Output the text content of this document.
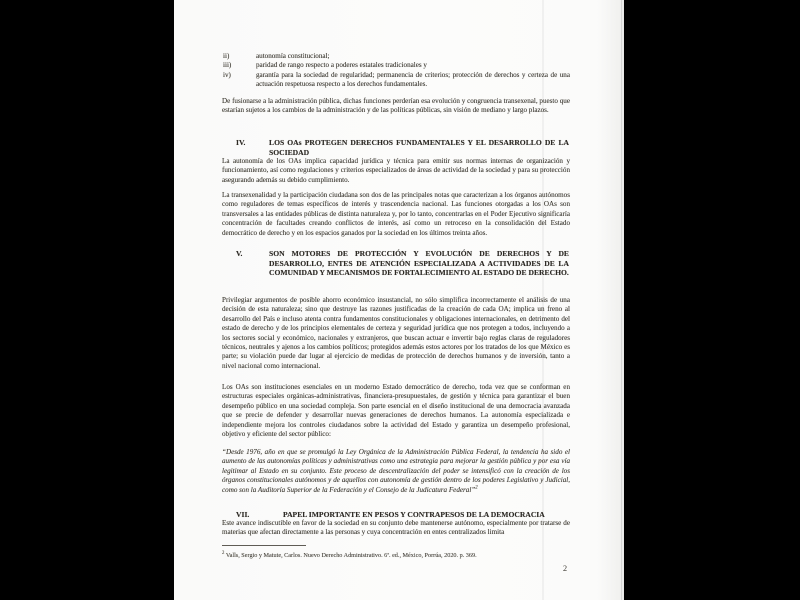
ii)	autonomía constitucional;
iii)	paridad de rango respecto a poderes estatales tradicionales y
iv)	garantía para la sociedad de regularidad; permanencia de criterios; protección de derechos y certeza de una actuación respetuosa respecto a los derechos fundamentales.
De fusionarse a la administración pública, dichas funciones perderían esa evolución y congruencia transexenal, puesto que estarían sujetos a los cambios de la administración y de las políticas públicas, sin visión de mediano y largo plazos.
IV.	LOS OAs PROTEGEN DERECHOS FUNDAMENTALES Y EL DESARROLLO DE LA SOCIEDAD
La autonomía de los OAs implica capacidad jurídica y técnica para emitir sus normas internas de organización y funcionamiento, así como regulaciones y criterios especializados de áreas de actividad de la sociedad y para su protección asegurando además su debido cumplimiento.
La transexenalidad y la participación ciudadana son dos de las principales notas que caracterizan a los órganos autónomos como reguladores de temas específicos de interés y trascendencia nacional. Las funciones otorgadas a los OAs son transversales a las entidades públicas de distinta naturaleza y, por lo tanto, concentrarlas en el Poder Ejecutivo significaría concentración de facultades creando conflictos de interés, así como un retroceso en la consolidación del Estado democrático de derecho y en los espacios ganados por la sociedad en los últimos treinta años.
V.	SON MOTORES DE PROTECCIÓN Y EVOLUCIÓN DE DERECHOS Y DE DESARROLLO, ENTES DE ATENCIÓN ESPECIALIZADA A ACTIVIDADES DE LA COMUNIDAD Y MECANISMOS DE FORTALECIMIENTO AL ESTADO DE DERECHO.
Privilegiar argumentos de posible ahorro económico insustancial, no sólo simplifica incorrectamente el análisis de una decisión de esta naturaleza; sino que destruye las razones justificadas de la creación de cada OA; implica un freno al desarrollo del País e incluso atenta contra fundamentos constitucionales y obligaciones internacionales, en detrimento del estado de derecho y de los principios elementales de certeza y seguridad jurídica que nos protegen a todos, incluyendo a los sectores social y económico, nacionales y extranjeros, que buscan actuar e invertir bajo reglas claras de reguladores técnicos, neutrales y ajenos a los cambios políticos; protegidos además estos actores por los tratados de los que México es parte; su violación puede dar lugar al ejercicio de medidas de protección de derechos humanos y de inversión, tanto a nivel nacional como internacional.
Los OAs son instituciones esenciales en un moderno Estado democrático de derecho, toda vez que se conforman en estructuras especiales orgánicas-administrativas, financiera-presupuestales, de gestión y técnica para garantizar el buen desempeño público en una sociedad compleja. Son parte esencial en el diseño institucional de una democracia avanzada que se precie de defender y desarrollar nuevas generaciones de derechos humanos. La autonomía especializada e independiente mejora los controles ciudadanos sobre la actividad del Estado y garantiza un desempeño profesional, objetivo y eficiente del sector público:
“Desde 1976, año en que se promulgó la Ley Orgánica de la Administración Pública Federal, la tendencia ha sido el aumento de las autonomías políticas y administrativas como una estrategia para mejorar la gestión pública y por esa vía legitimar al Estado en su conjunto. Este proceso de descentralización del poder se intensificó con la creación de los órganos constitucionales autónomos y de aquellos con autonomía de gestión dentro de los poderes Legislativo y Judicial, como son la Auditoría Superior de la Federación y el Consejo de la Judicatura Federal”$^2$
VII.	PAPEL IMPORTANTE EN PESOS Y CONTRAPESOS DE LA DEMOCRACIA
Este avance indiscutible en favor de la sociedad en su conjunto debe mantenerse autónomo, especialmente por tratarse de materias que afectan directamente a las personas y cuya concentración en entes centralizados limita
$^2$ Valls, Sergio y Matute, Carlos. Nuevo Derecho Administrativo. 6ª. ed., México, Porrúa, 2020. p. 369.
2
